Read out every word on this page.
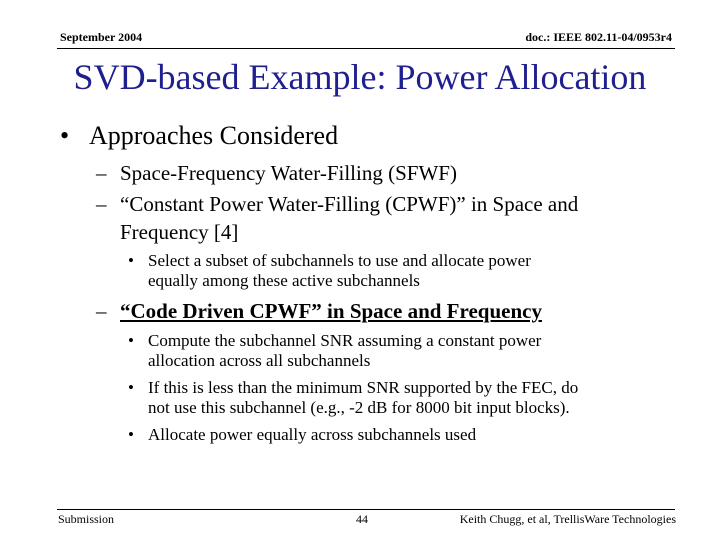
September 2004	doc.: IEEE 802.11-04/0953r4
SVD-based Example: Power Allocation
• Approaches Considered
– Space-Frequency Water-Filling (SFWF)
– “Constant Power Water-Filling (CPWF)” in Space and
Frequency [4]
• Select a subset of subchannels to use and allocate power
equally among these active subchannels
– “Code Driven CPWF” in Space and Frequency
• Compute the subchannel SNR assuming a constant power
allocation across all subchannels
• If this is less than the minimum SNR supported by the FEC, do
not use this subchannel (e.g., -2 dB for 8000 bit input blocks).
• Allocate power equally across subchannels used
Submission	44	Keith Chugg, et al, TrellisWare Technologies
